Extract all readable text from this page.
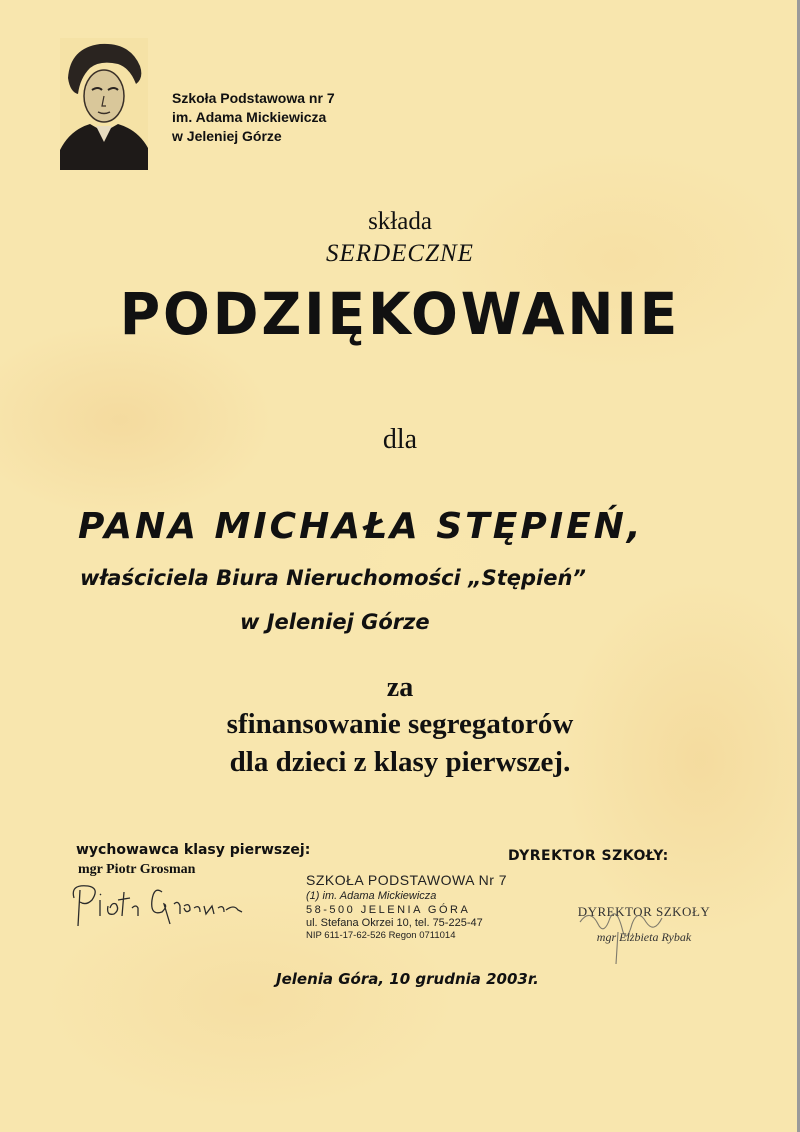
Szkoła Podstawowa nr 7
im. Adama Mickiewicza
w Jeleniej Górze
składa
SERDECZNE
PODZIĘKOWANIE
dla
PANA MICHAŁA STĘPIEŃ,
właściciela Biura Nieruchomości „Stępień”
w Jeleniej Górze
za
sfinansowanie segregatorów
dla dzieci z klasy pierwszej.
wychowawca klasy pierwszej:
mgr Piotr Grosman
DYREKTOR SZKOŁY:
SZKOŁA PODSTAWOWA Nr 7
(1) im. Adama Mickiewicza
58-500 JELENIA GÓRA
ul. Stefana Okrzei 10, tel. 75-225-47
NIP 611-17-62-526 Regon 0711014
DYREKTOR SZKOŁY
mgr Elżbieta Rybak
Jelenia Góra, 10 grudnia 2003r.
